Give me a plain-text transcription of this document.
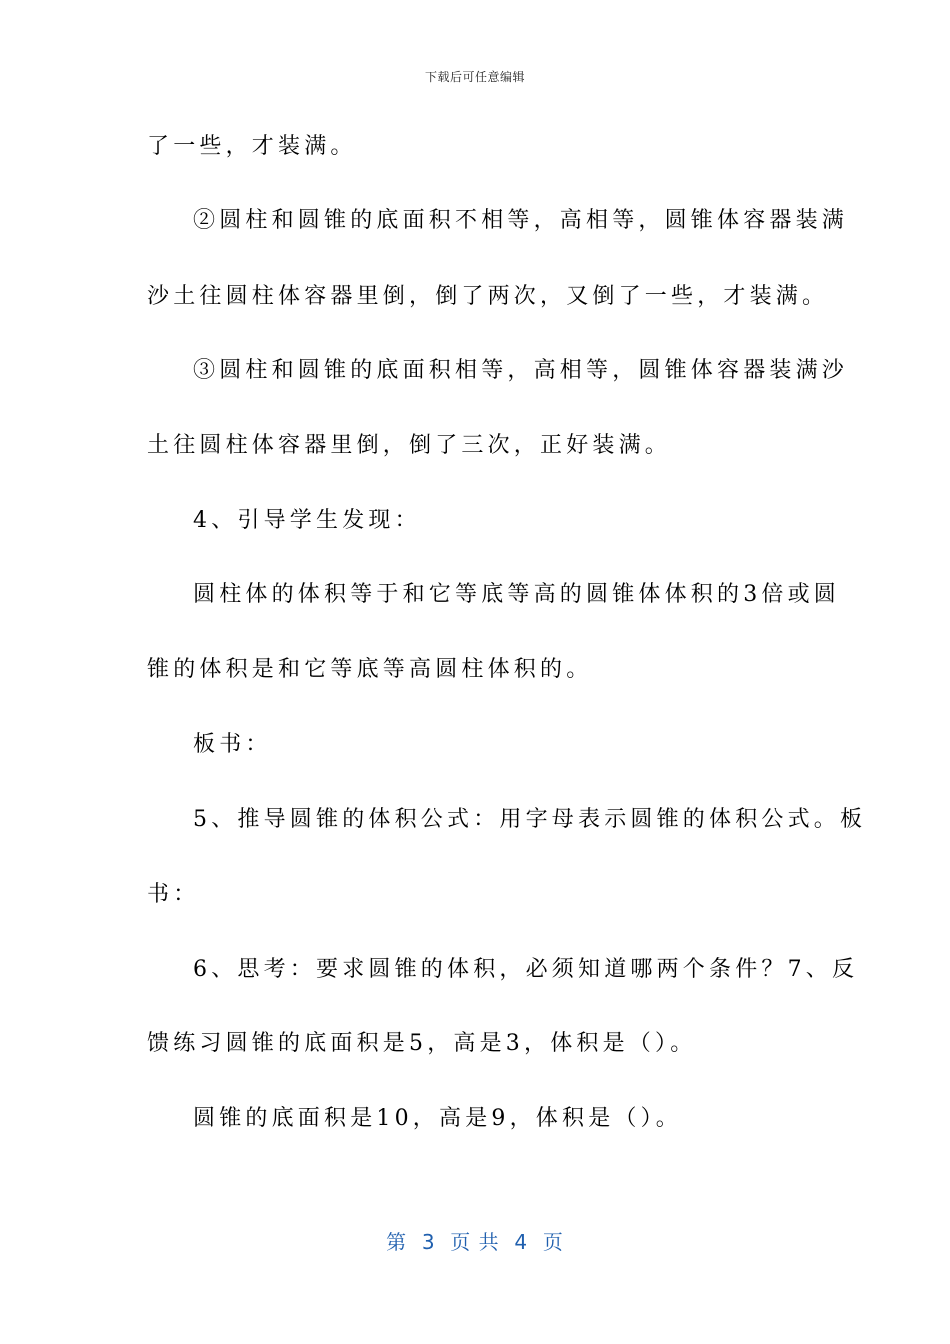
下载后可任意编辑
了一些，才装满。
②圆柱和圆锥的底面积不相等，高相等，圆锥体容器装满
沙土往圆柱体容器里倒，倒了两次，又倒了一些，才装满。
③圆柱和圆锥的底面积相等，高相等，圆锥体容器装满沙
土往圆柱体容器里倒，倒了三次，正好装满。
4、引导学生发现：
圆柱体的体积等于和它等底等高的圆锥体体积的3倍或圆
锥的体积是和它等底等高圆柱体积的。
板书：
5、推导圆锥的体积公式：用字母表示圆锥的体积公式。板
书：
6、思考：要求圆锥的体积，必须知道哪两个条件？7、反
馈练习圆锥的底面积是5，高是3，体积是（）。
圆锥的底面积是10，高是9，体积是（）。
第  3  页 共  4  页
